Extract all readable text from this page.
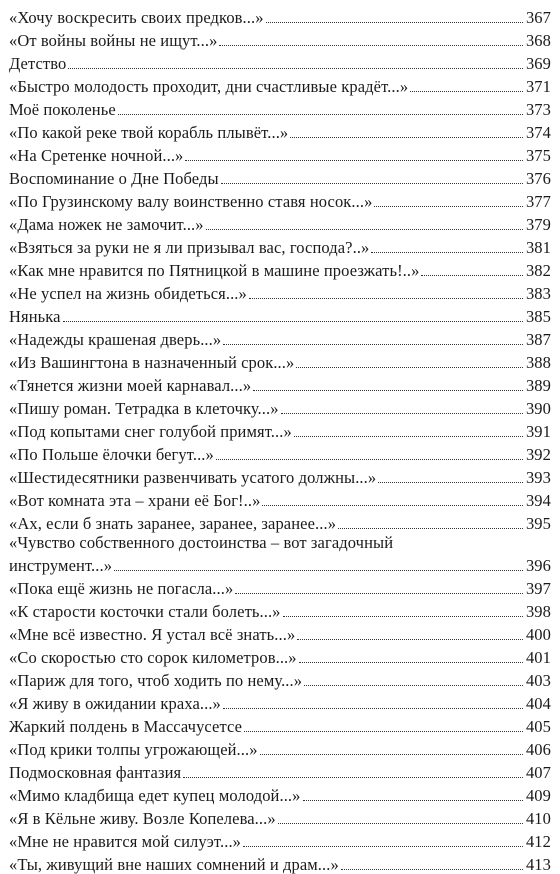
«Хочу воскресить своих предков...»	367
«От войны войны не ищут...»	368
Детство	369
«Быстро молодость проходит, дни счастливые крадёт...»	371
Моё поколенье	373
«По какой реке твой корабль плывёт...»	374
«На Сретенке ночной...»	375
Воспоминание о Дне Победы	376
«По Грузинскому валу воинственно ставя носок...»	377
«Дама ножек не замочит...»	379
«Взяться за руки не я ли призывал вас, господа?..»	381
«Как мне нравится по Пятницкой в машине проезжать!..»	382
«Не успел на жизнь обидеться...»	383
Нянька	385
«Надежды крашеная дверь...»	387
«Из Вашингтона в назначенный срок...»	388
«Тянется жизни моей карнавал...»	389
«Пишу роман. Тетрадка в клеточку...»	390
«Под копытами снег голубой примят...»	391
«По Польше ёлочки бегут...»	392
«Шестидесятники развенчивать усатого должны...»	393
«Вот комната эта – храни её Бог!..»	394
«Ах, если б знать заранее, заранее, заранее...»	395
«Чувство собственного достоинства – вот загадочный
инструмент...»	396
«Пока ещё жизнь не погасла...»	397
«К старости косточки стали болеть...»	398
«Мне всё известно. Я устал всё знать...»	400
«Со скоростью сто сорок километров...»	401
«Париж для того, чтоб ходить по нему...»	403
«Я живу в ожидании краха...»	404
Жаркий полдень в Массачусетсе	405
«Под крики толпы угрожающей...»	406
Подмосковная фантазия	407
«Мимо кладбища едет купец молодой...»	409
«Я в Кёльне живу. Возле Копелева...»	410
«Мне не нравится мой силуэт...»	412
«Ты, живущий вне наших сомнений и драм...»	413
